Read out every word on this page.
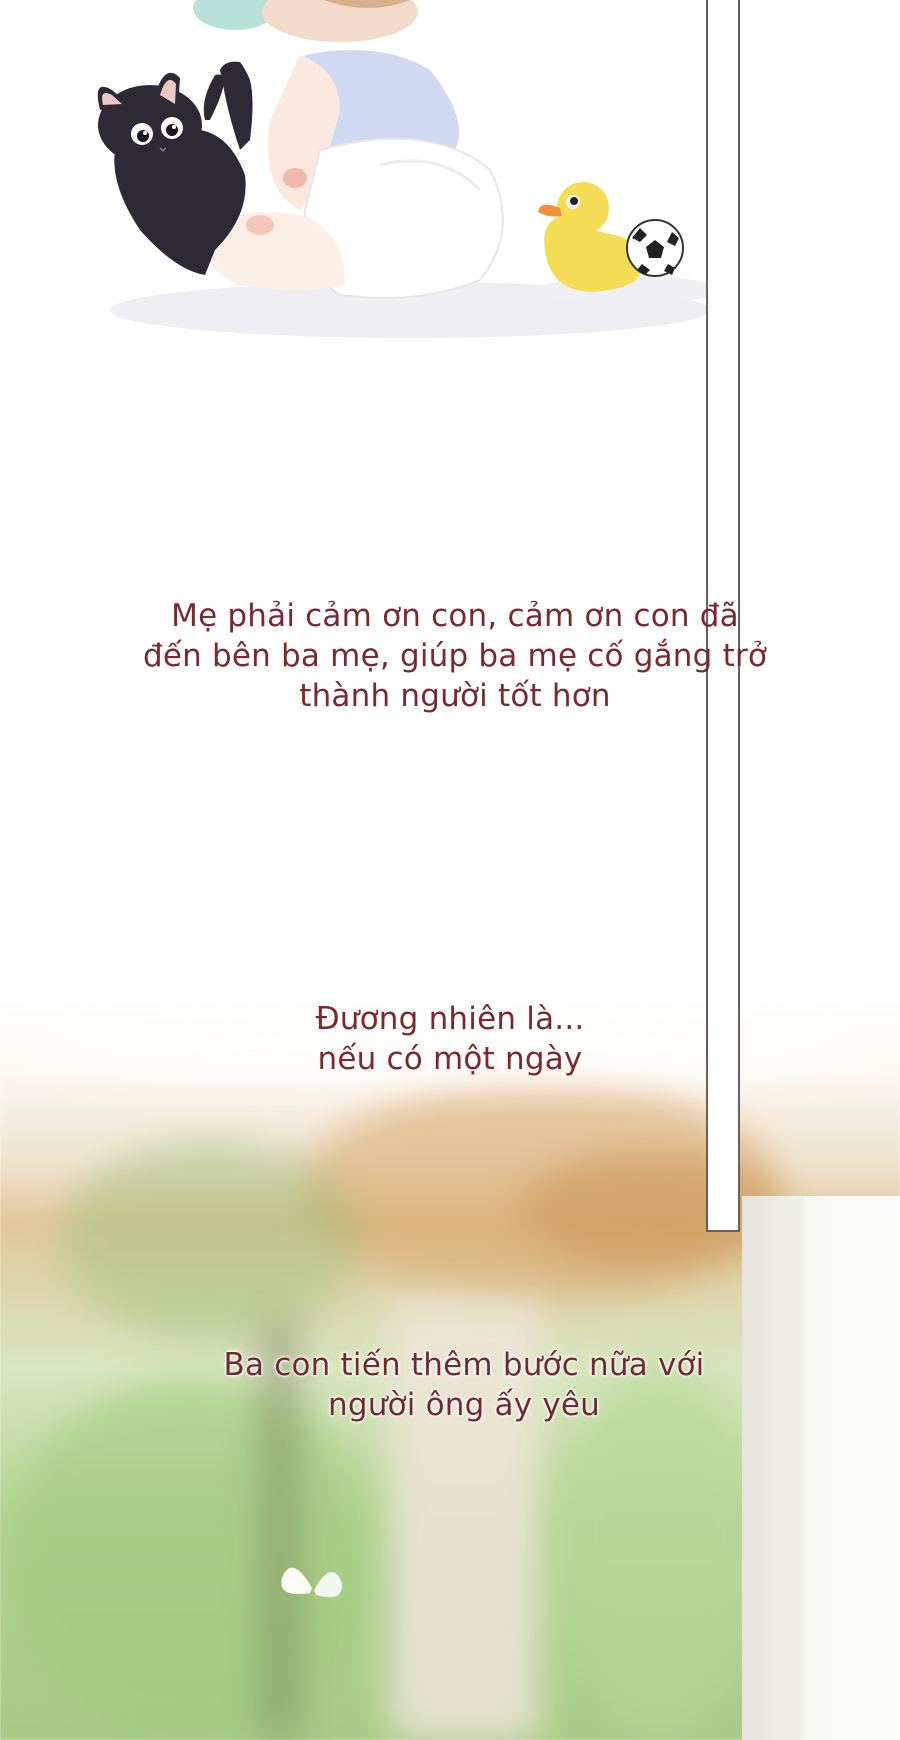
Mẹ phải cảm ơn con, cảm ơn con đã
đến bên ba mẹ, giúp ba mẹ cố gắng trở
thành người tốt hơn
Đương nhiên là...
nếu có một ngày
Ba con tiến thêm bước nữa với
người ông ấy yêu
